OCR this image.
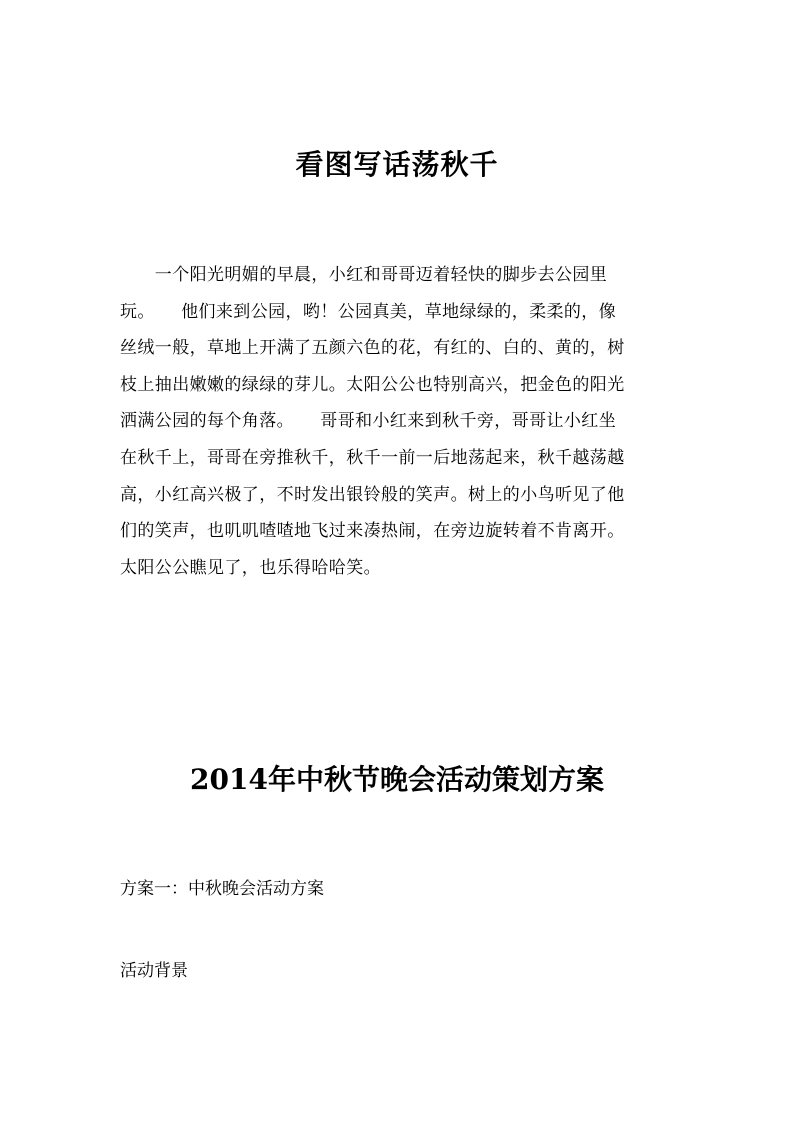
看图写话荡秋千
　　一个阳光明媚的早晨，小红和哥哥迈着轻快的脚步去公园里
玩。　　他们来到公园，哟！公园真美，草地绿绿的，柔柔的，像
丝绒一般，草地上开满了五颜六色的花，有红的、白的、黄的，树
枝上抽出嫩嫩的绿绿的芽儿。太阳公公也特别高兴，把金色的阳光
洒满公园的每个角落。　　哥哥和小红来到秋千旁，哥哥让小红坐
在秋千上，哥哥在旁推秋千，秋千一前一后地荡起来，秋千越荡越
高，小红高兴极了，不时发出银铃般的笑声。树上的小鸟听见了他
们的笑声，也叽叽喳喳地飞过来凑热闹，在旁边旋转着不肯离开。
太阳公公瞧见了，也乐得哈哈笑。
2014年中秋节晚会活动策划方案

方案一：中秋晚会活动方案

活动背景
